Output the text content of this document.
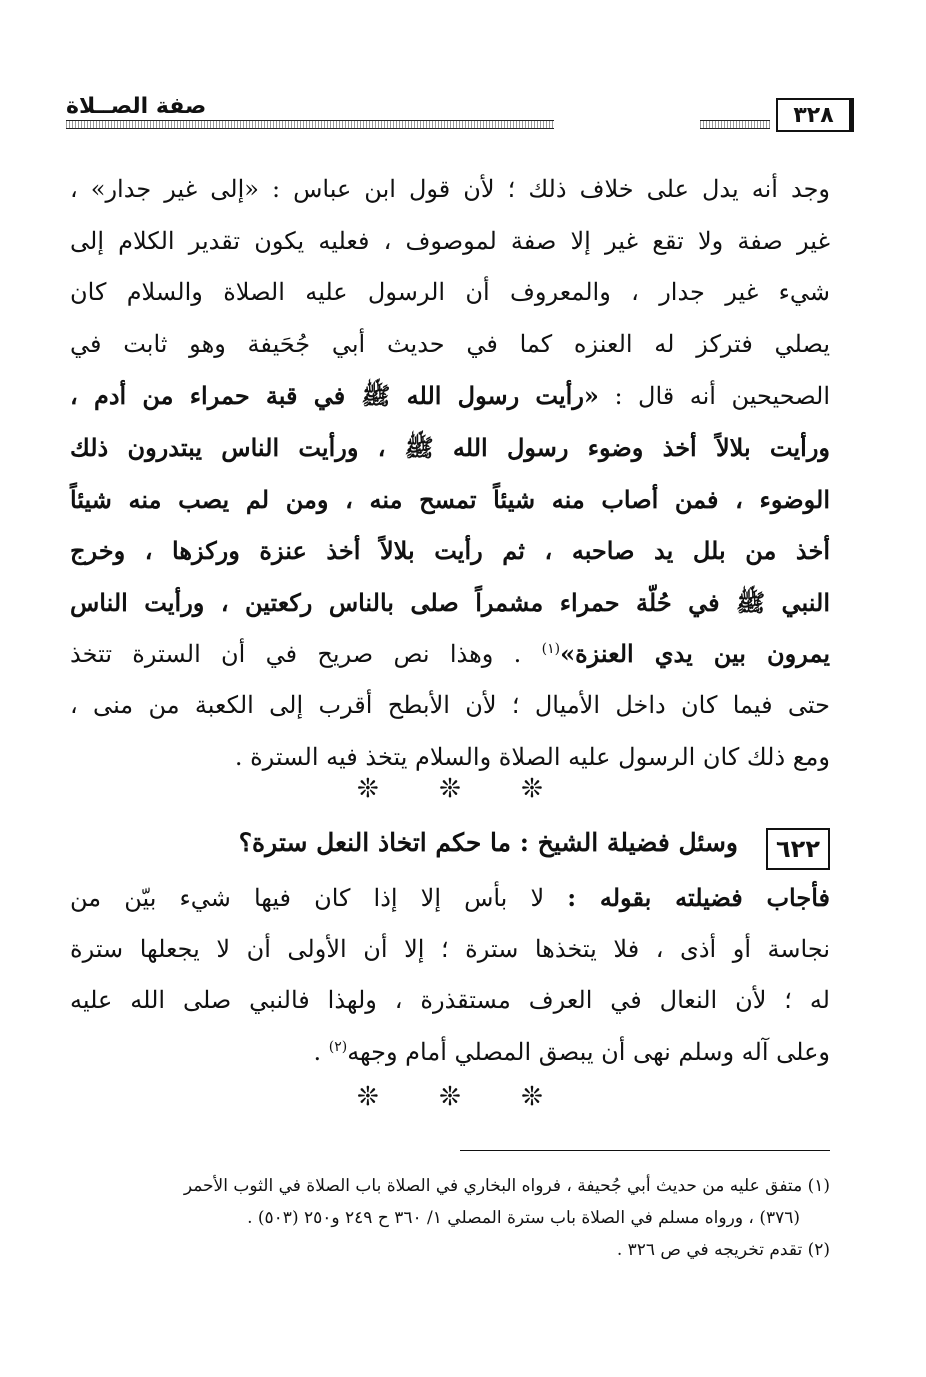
٣٢٨
صفة الصــلاة
وجد أنه يدل على خلاف ذلك ؛ لأن قول ابن عباس : «إلى غير جدار» ،
غير صفة ولا تقع غير إلا صفة لموصوف ، فعليه يكون تقدير الكلام إلى
شيء غير جدار ، والمعروف أن الرسول عليه الصلاة والسلام كان
يصلي فتركز له العنزه كما في حديث أبي جُحَيفة وهو ثابت في
الصحيحين أنه قال : «رأيت رسول الله ﷺ في قبة حمراء من أدم ،
ورأيت بلالاً أخذ وضوء رسول الله ﷺ ، ورأيت الناس يبتدرون ذلك
الوضوء ، فمن أصاب منه شيئاً تمسح منه ، ومن لم يصب منه شيئاً
أخذ من بلل يد صاحبه ، ثم رأيت بلالاً أخذ عنزة وركزها ، وخرج
النبي ﷺ في حُلّة حمراء مشمراً صلى بالناس ركعتين ، ورأيت الناس
يمرون بين يدي العنزة»$^{(١)}$ . وهذا نص صريح في أن السترة تتخذ
حتى فيما كان داخل الأميال ؛ لأن الأبطح أقرب إلى الكعبة من منى ،
ومع ذلك كان الرسول عليه الصلاة والسلام يتخذ فيه السترة .
❊ ❊ ❊
٦٢٢
وسئل فضيلة الشيخ : ما حكم اتخاذ النعل سترة؟
فأجاب فضيلته بقوله : لا بأس إلا إذا كان فيها شيء بيّن من
نجاسة أو أذى ، فلا يتخذها سترة ؛ إلا أن الأولى أن لا يجعلها سترة
له ؛ لأن النعال في العرف مستقذرة ، ولهذا فالنبي صلى الله عليه
وعلى آله وسلم نهى أن يبصق المصلي أمام وجهه$^{(٢)}$ .
❊ ❊ ❊
(١) متفق عليه من حديث أبي جُحيفة ، فرواه البخاري في الصلاة باب الصلاة في الثوب الأحمر
(٣٧٦) ، ورواه مسلم في الصلاة باب سترة المصلي ١/ ٣٦٠ ح ٢٤٩ و٢٥٠ (٥٠٣) .
(٢) تقدم تخريجه في ص ٣٢٦ .
